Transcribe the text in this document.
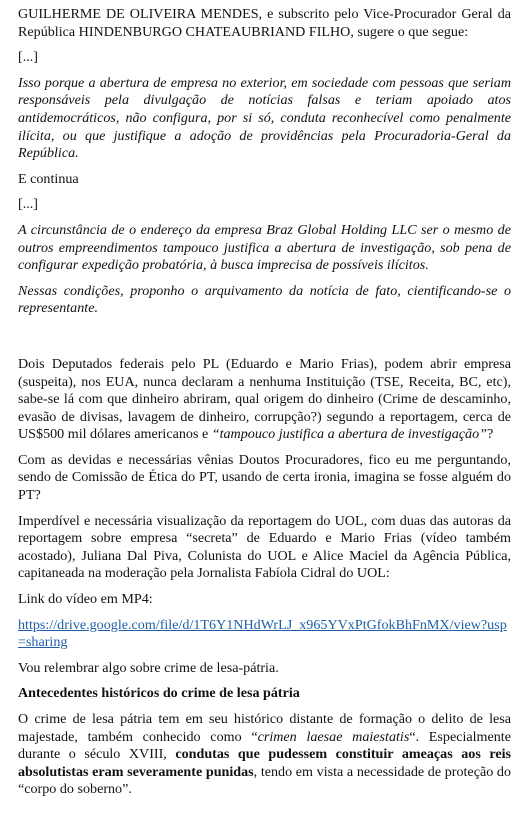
GUILHERME DE OLIVEIRA MENDES, e subscrito pelo Vice-Procurador Geral da República HINDENBURGO CHATEAUBRIAND FILHO, sugere o que segue:

[...]

Isso porque a abertura de empresa no exterior, em sociedade com pessoas que seriam responsáveis pela divulgação de notícias falsas e teriam apoiado atos antidemocráticos, não configura, por si só, conduta reconhecível como penalmente ilícita, ou que justifique a adoção de providências pela Procuradoria-Geral da República.

E continua

[...]

A circunstância de o endereço da empresa Braz Global Holding LLC ser o mesmo de outros empreendimentos tampouco justifica a abertura de investigação, sob pena de configurar expedição probatória, à busca imprecisa de possíveis ilícitos.

Nessas condições, proponho o arquivamento da notícia de fato, cientificando-se o representante.

Dois Deputados federais pelo PL (Eduardo e Mario Frias), podem abrir empresa (suspeita), nos EUA, nunca declaram a nenhuma Instituição (TSE, Receita, BC, etc), sabe-se lá com que dinheiro abriram, qual origem do dinheiro (Crime de descaminho, evasão de divisas, lavagem de dinheiro, corrupção?) segundo a reportagem, cerca de US$500 mil dólares americanos e “tampouco justifica a abertura de investigação”?

Com as devidas e necessárias vênias Doutos Procuradores, fico eu me perguntando, sendo de Comissão de Ética do PT, usando de certa ironia, imagina se fosse alguém do PT?

Imperdível e necessária visualização da reportagem do UOL, com duas das autoras da reportagem sobre empresa “secreta” de Eduardo e Mario Frias (vídeo também acostado), Juliana Dal Piva, Colunista do UOL e Alice Maciel da Agência Pública, capitaneada na moderação pela Jornalista Fabíola Cidral do UOL:

Link do vídeo em MP4:

https://drive.google.com/file/d/1T6Y1NHdWrLJ_x965YVxPtGfokBhFnMX/view?usp=sharing

Vou relembrar algo sobre crime de lesa-pátria.

Antecedentes históricos do crime de lesa pátria

O crime de lesa pátria tem em seu histórico distante de formação o delito de lesa majestade, também conhecido como “crimen laesae maiestatis“. Especialmente durante o século XVIII, condutas que pudessem constituir ameaças aos reis absolutistas eram severamente punidas, tendo em vista a necessidade de proteção do “corpo do soberno”.
